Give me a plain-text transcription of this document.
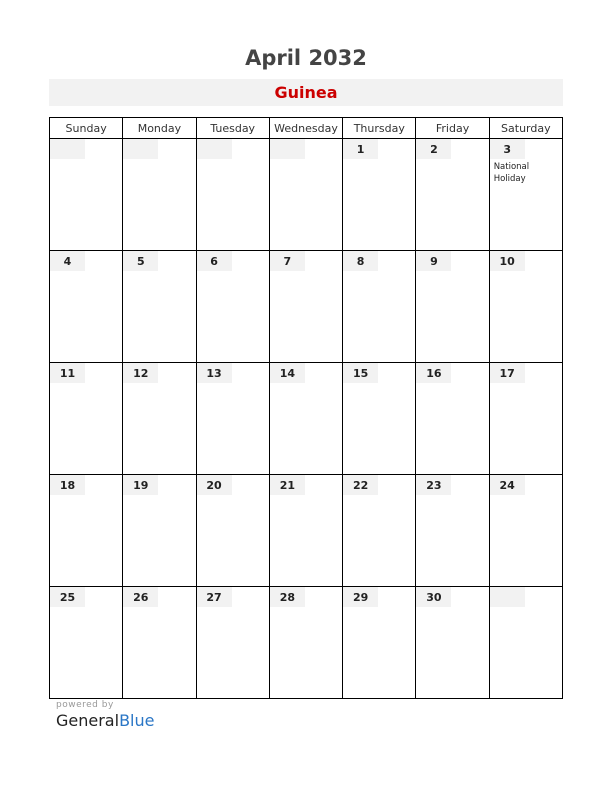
April 2032
Guinea
Sunday	Monday	Tuesday	Wednesday	Thursday	Friday	Saturday

				1	2	3
National Holiday

4	5	6	7	8	9	10

11	12	13	14	15	16	17

18	19	20	21	22	23	24

25	26	27	28	29	30	

powered by
GeneralBlue
